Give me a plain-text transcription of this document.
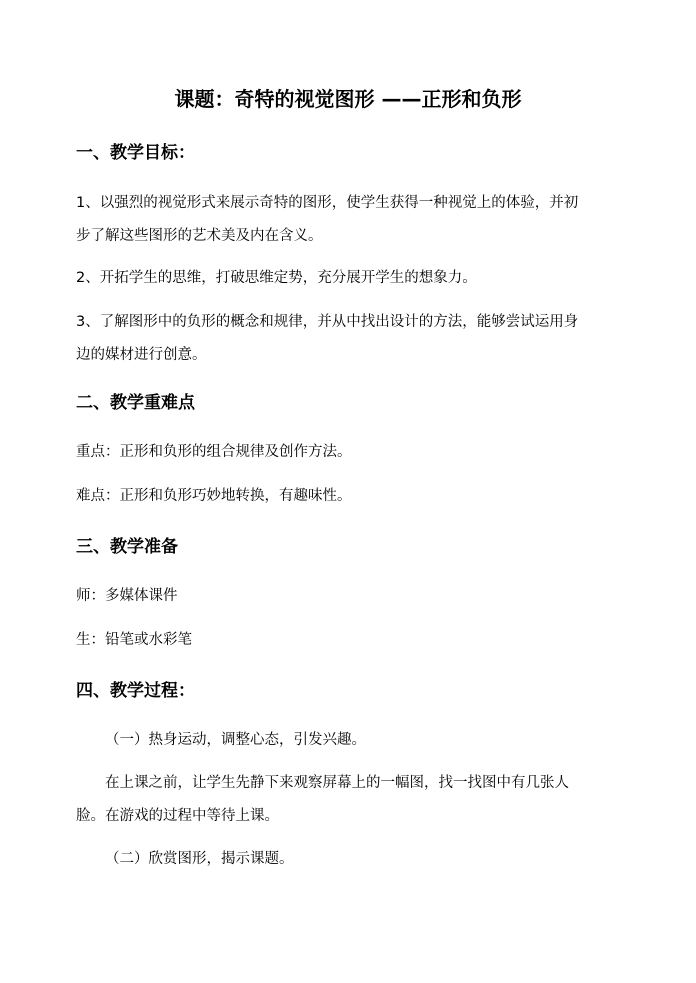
课题：奇特的视觉图形 ——正形和负形
一、教学目标：
1、以强烈的视觉形式来展示奇特的图形，使学生获得一种视觉上的体验，并初
步了解这些图形的艺术美及内在含义。
2、开拓学生的思维，打破思维定势，充分展开学生的想象力。
3、了解图形中的负形的概念和规律，并从中找出设计的方法，能够尝试运用身
边的媒材进行创意。
二、教学重难点
重点：正形和负形的组合规律及创作方法。
难点：正形和负形巧妙地转换，有趣味性。
三、教学准备
师：多媒体课件
生：铅笔或水彩笔
四、教学过程：
（一）热身运动，调整心态，引发兴趣。
在上课之前，让学生先静下来观察屏幕上的一幅图，找一找图中有几张人
脸。在游戏的过程中等待上课。
（二）欣赏图形，揭示课题。
